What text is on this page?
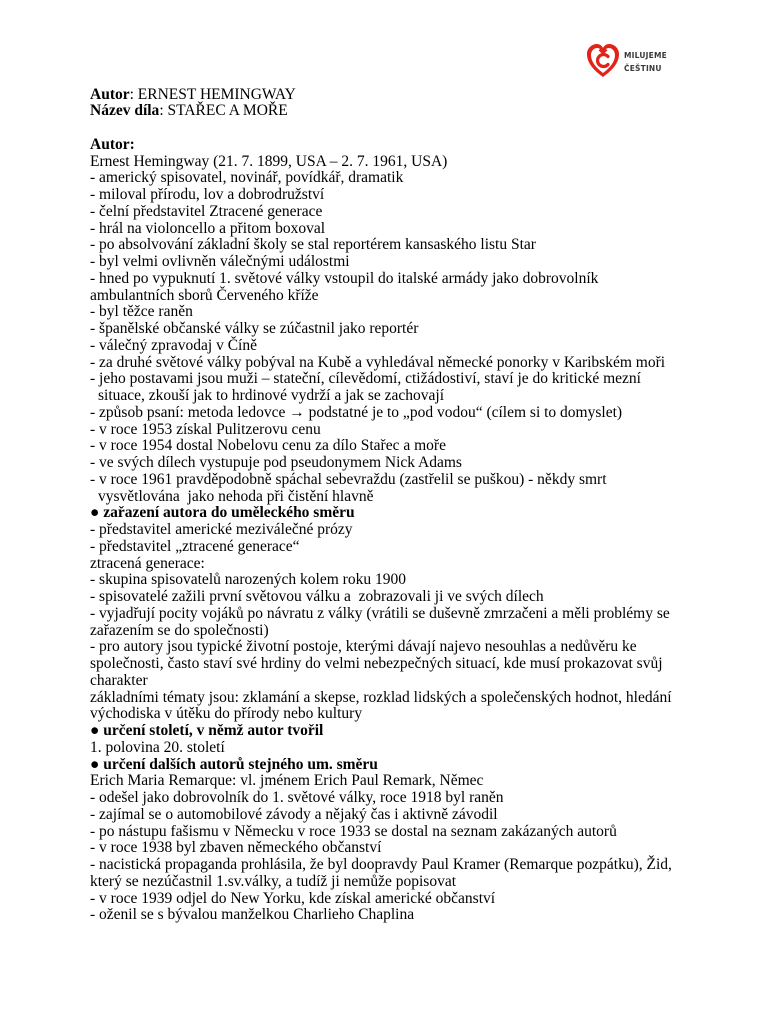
MILUJEME
ČEŠTINU
Autor: ERNEST HEMINGWAY
Název díla: STAŘEC A MOŘE
Autor:
Ernest Hemingway (21. 7. 1899, USA – 2. 7. 1961, USA)
- americký spisovatel, novinář, povídkář, dramatik
- miloval přírodu, lov a dobrodružství
- čelní představitel Ztracené generace
- hrál na violoncello a přitom boxoval
- po absolvování základní školy se stal reportérem kansaského listu Star
- byl velmi ovlivněn válečnými událostmi
- hned po vypuknutí 1. světové války vstoupil do italské armády jako dobrovolník
ambulantních sborů Červeného kříže
- byl těžce raněn
- španělské občanské války se zúčastnil jako reportér
- válečný zpravodaj v Číně
- za druhé světové války pobýval na Kubě a vyhledával německé ponorky v Karibském moři
- jeho postavami jsou muži – stateční, cílevědomí, ctižádostiví, staví je do kritické mezní
situace, zkouší jak to hrdinové vydrží a jak se zachovají
- způsob psaní: metoda ledovce → podstatné je to „pod vodou“ (cílem si to domyslet)
- v roce 1953 získal Pulitzerovu cenu
- v roce 1954 dostal Nobelovu cenu za dílo Stařec a moře
- ve svých dílech vystupuje pod pseudonymem Nick Adams
- v roce 1961 pravděpodobně spáchal sebevraždu (zastřelil se puškou) - někdy smrt
vysvětlována  jako nehoda při čistění hlavně
● zařazení autora do uměleckého směru
- představitel americké meziválečné prózy
- představitel „ztracené generace“
ztracená generace:
- skupina spisovatelů narozených kolem roku 1900
- spisovatelé zažili první světovou válku a  zobrazovali ji ve svých dílech
- vyjadřují pocity vojáků po návratu z války (vrátili se duševně zmrzačeni a měli problémy se
zařazením se do společnosti)
- pro autory jsou typické životní postoje, kterými dávají najevo nesouhlas a nedůvěru ke
společnosti, často staví své hrdiny do velmi nebezpečných situací, kde musí prokazovat svůj
charakter
základními tématy jsou: zklamání a skepse, rozklad lidských a společenských hodnot, hledání
východiska v útěku do přírody nebo kultury
● určení století, v němž autor tvořil
1. polovina 20. století
● určení dalších autorů stejného um. směru
Erich Maria Remarque: vl. jménem Erich Paul Remark, Němec
- odešel jako dobrovolník do 1. světové války, roce 1918 byl raněn
- zajímal se o automobilové závody a nějaký čas i aktivně závodil
- po nástupu fašismu v Německu v roce 1933 se dostal na seznam zakázaných autorů
- v roce 1938 byl zbaven německého občanství
- nacistická propaganda prohlásila, že byl doopravdy Paul Kramer (Remarque pozpátku), Žid,
který se nezúčastnil 1.sv.války, a tudíž ji nemůže popisovat
- v roce 1939 odjel do New Yorku, kde získal americké občanství
- oženil se s bývalou manželkou Charlieho Chaplina
